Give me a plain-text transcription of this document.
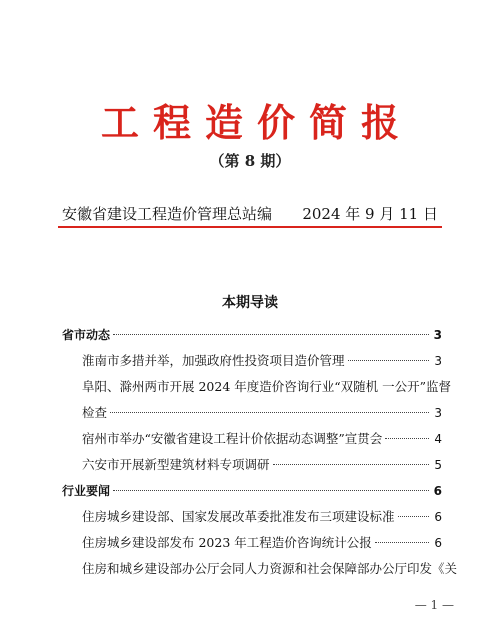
工程造价简报
（第 8 期）
安徽省建设工程造价管理总站编 2024 年 9 月 11 日
本期导读
省市动态	3
淮南市多措并举，加强政府性投资项目造价管理	3
阜阳、滁州两市开展 2024 年度造价咨询行业“双随机 一公开”监督
检查	3
宿州市举办“安徽省建设工程计价依据动态调整”宣贯会	4
六安市开展新型建筑材料专项调研	5
行业要闻	6
住房城乡建设部、国家发展改革委批准发布三项建设标准	6
住房城乡建设部发布 2023 年工程造价咨询统计公报	6
住房和城乡建设部办公厅会同人力资源和社会保障部办公厅印发《关
— 1 —
